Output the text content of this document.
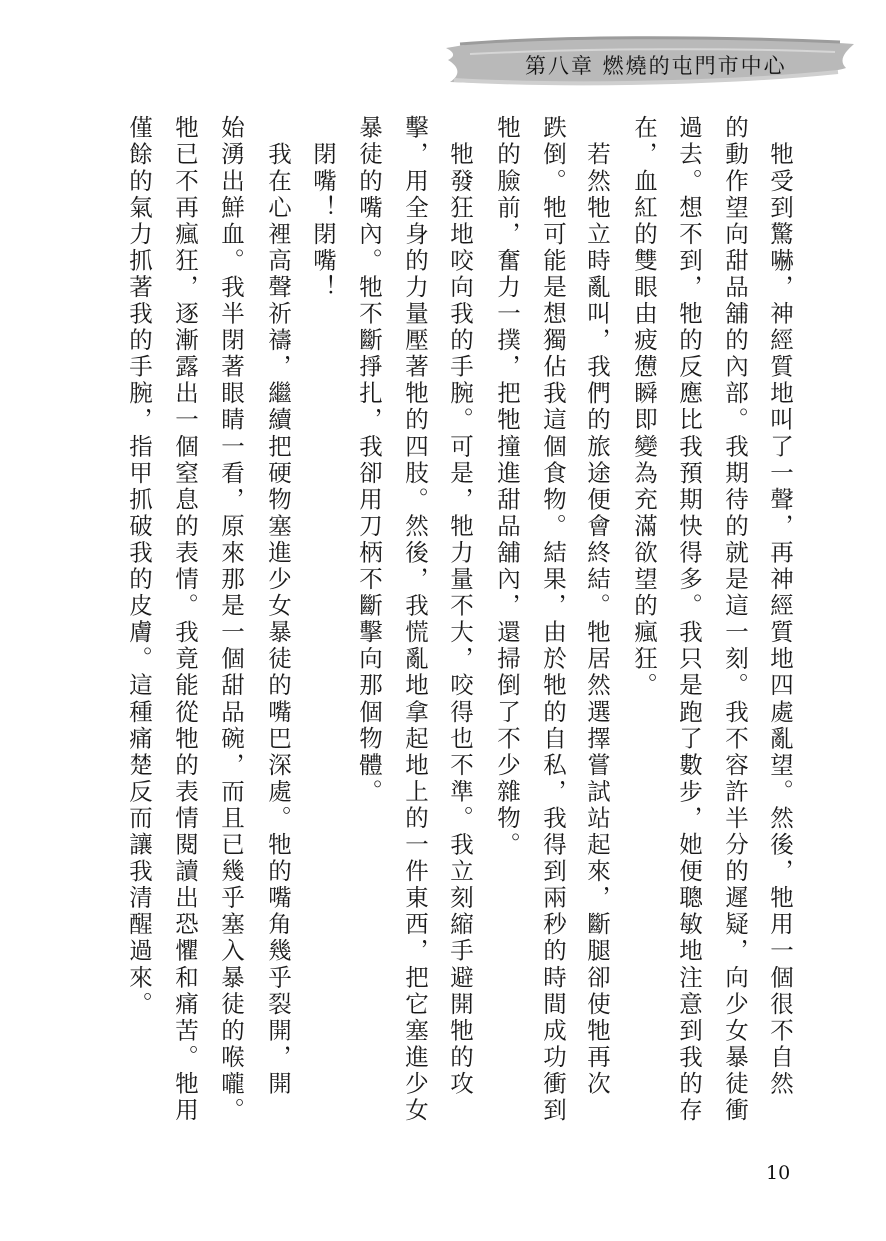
第八章 燃燒的屯門市中心
　牠受到驚嚇，神經質地叫了一聲，再神經質地四處亂望。然後，牠用一個很不自然
的動作望向甜品舖的內部。我期待的就是這一刻。我不容許半分的遲疑，向少女暴徒衝
過去。想不到，牠的反應比我預期快得多。我只是跑了數步，她便聰敏地注意到我的存
在，血紅的雙眼由疲憊瞬即變為充滿欲望的瘋狂。
　若然牠立時亂叫，我們的旅途便會終結。牠居然選擇嘗試站起來，斷腿卻使牠再次
跌倒。牠可能是想獨佔我這個食物。結果，由於牠的自私，我得到兩秒的時間成功衝到
牠的臉前，奮力一撲，把牠撞進甜品舖內，還掃倒了不少雜物。
　牠發狂地咬向我的手腕。可是，牠力量不大，咬得也不準。我立刻縮手避開牠的攻
擊，用全身的力量壓著牠的四肢。然後，我慌亂地拿起地上的一件東西，把它塞進少女
暴徒的嘴內。牠不斷掙扎，我卻用刀柄不斷擊向那個物體。
　閉嘴！閉嘴！
　我在心裡高聲祈禱，繼續把硬物塞進少女暴徒的嘴巴深處。牠的嘴角幾乎裂開，開
始湧出鮮血。我半閉著眼睛一看，原來那是一個甜品碗，而且已幾乎塞入暴徒的喉嚨。
牠已不再瘋狂，逐漸露出一個窒息的表情。我竟能從牠的表情閱讀出恐懼和痛苦。牠用
僅餘的氣力抓著我的手腕，指甲抓破我的皮膚。這種痛楚反而讓我清醒過來。
10
